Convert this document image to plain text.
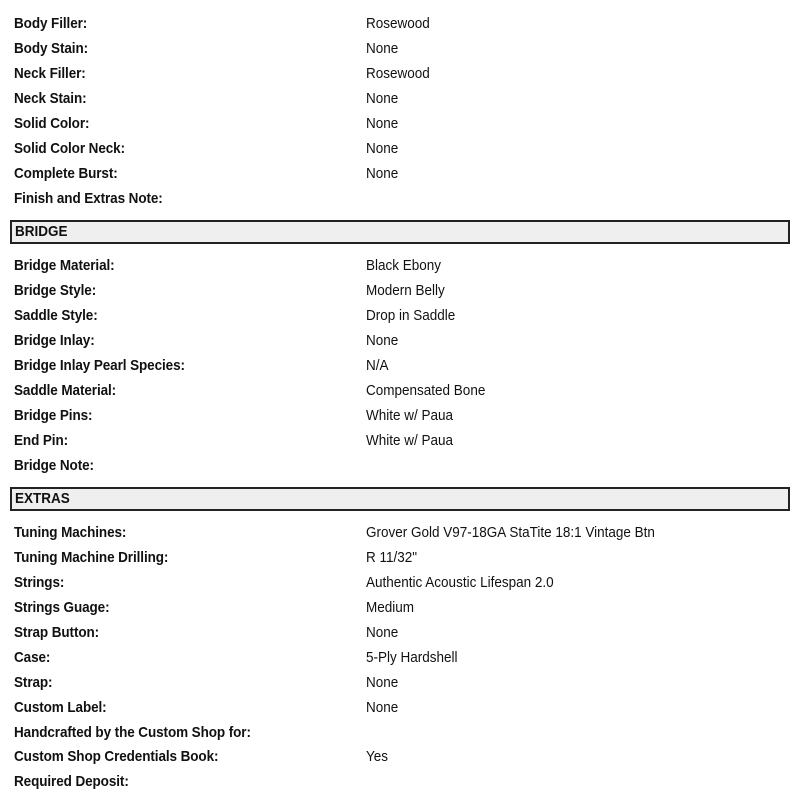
Body Filler:	Rosewood
Body Stain:	None
Neck Filler:	Rosewood
Neck Stain:	None
Solid Color:	None
Solid Color Neck:	None
Complete Burst:	None
Finish and Extras Note:
BRIDGE
Bridge Material:	Black Ebony
Bridge Style:	Modern Belly
Saddle Style:	Drop in Saddle
Bridge Inlay:	None
Bridge Inlay Pearl Species:	N/A
Saddle Material:	Compensated Bone
Bridge Pins:	White w/ Paua
End Pin:	White w/ Paua
Bridge Note:
EXTRAS
Tuning Machines:	Grover Gold V97-18GA StaTite 18:1 Vintage Btn
Tuning Machine Drilling:	R 11/32"
Strings:	Authentic Acoustic Lifespan 2.0
Strings Guage:	Medium
Strap Button:	None
Case:	5-Ply Hardshell
Strap:	None
Custom Label:	None
Handcrafted by the Custom Shop for:
Custom Shop Credentials Book:	Yes
Required Deposit:
